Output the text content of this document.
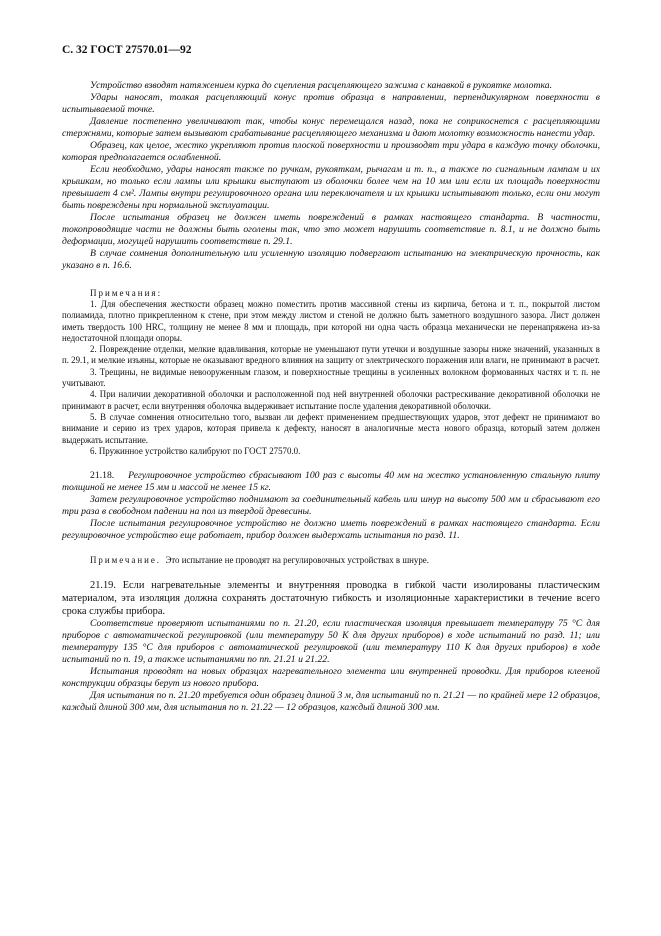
С. 32 ГОСТ 27570.01—92

Устройство взводят натяжением курка до сцепления расцепляющего зажима с канавкой в рукоятке молотка.

Удары наносят, толкая расцепляющий конус против образца в направлении, перпендикулярном поверхности в испытываемой точке.

Давление постепенно увеличивают так, чтобы конус перемещался назад, пока не соприкоснется с расцепляющими стержнями, которые затем вызывают срабатывание расцепляющего механизма и дают молотку возможность нанести удар.

Образец, как целое, жестко укрепляют против плоской поверхности и производят три удара в каждую точку оболочки, которая предполагается ослабленной.

Если необходимо, удары наносят также по ручкам, рукояткам, рычагам и т. п., а также по сигнальным лампам и их крышкам, но только если лампы или крышки выступают из оболочки более чем на 10 мм или если их площадь поверхности превышает 4 см². Лампы внутри регулировочного органа или переключателя и их крышки испытывают только, если они могут быть повреждены при нормальной эксплуатации.

После испытания образец не должен иметь повреждений в рамках настоящего стандарта. В частности, токопроводящие части не должны быть оголены так, что это может нарушить соответствие п. 8.1, и не должно быть деформации, могущей нарушить соответствие п. 29.1.

В случае сомнения дополнительную или усиленную изоляцию подвергают испытанию на электрическую прочность, как указано в п. 16.6.

Примечания:

1. Для обеспечения жесткости образец можно поместить против массивной стены из кирпича, бетона и т. п., покрытой листом полиамида, плотно прикрепленном к стене, при этом между листом и стеной не должно быть заметного воздушного зазора. Лист должен иметь твердость 100 HRC, толщину не менее 8 мм и площадь, при которой ни одна часть образца механически не перенапряжена из-за недостаточной площади опоры.

2. Повреждение отделки, мелкие вдавливания, которые не уменьшают пути утечки и воздушные зазоры ниже значений, указанных в п. 29.1, и мелкие изъяны, которые не оказывают вредного влияния на защиту от электрического поражения или влаги, не принимают в расчет.

3. Трещины, не видимые невооруженным глазом, и поверхностные трещины в усиленных волокном формованных частях и т. п. не учитывают.

4. При наличии декоративной оболочки и расположенной под ней внутренней оболочки растрескивание декоративной оболочки не принимают в расчет, если внутренняя оболочка выдерживает испытание после удаления декоративной оболочки.

5. В случае сомнения относительно того, вызван ли дефект применением предшествующих ударов, этот дефект не принимают во внимание и серию из трех ударов, которая привела к дефекту, наносят в аналогичные места нового образца, который затем должен выдержать испытание.

6. Пружинное устройство калибруют по ГОСТ 27570.0.

21.18. Регулировочное устройство сбрасывают 100 раз с высоты 40 мм на жестко установленную стальную плиту толщиной не менее 15 мм и массой не менее 15 кг.

Затем регулировочное устройство поднимают за соединительный кабель или шнур на высоту 500 мм и сбрасывают его три раза в свободном падении на пол из твердой древесины.

После испытания регулировочное устройство не должно иметь повреждений в рамках настоящего стандарта. Если регулировочное устройство еще работает, прибор должен выдержать испытания по разд. 11.

Примечание. Это испытание не проводят на регулировочных устройствах в шнуре.

21.19. Если нагревательные элементы и внутренняя проводка в гибкой части изолированы пластическим материалом, эта изоляция должна сохранять достаточную гибкость и изоляционные характеристики в течение всего срока службы прибора.

Соответствие проверяют испытаниями по п. 21.20, если пластическая изоляция превышает температуру 75 °С для приборов с автоматической регулировкой (или температуру 50 К для других приборов) в ходе испытаний по разд. 11; или температуру 135 °С для приборов с автоматической регулировкой (или температуру 110 К для других приборов) в ходе испытаний по п. 19, а также испытаниями по пп. 21.21 и 21.22.

Испытания проводят на новых образцах нагревательного элемента или внутренней проводки. Для приборов клееной конструкции образцы берут из нового прибора.

Для испытания по п. 21.20 требуется один образец длиной 3 м, для испытаний по п. 21.21 — по крайней мере 12 образцов, каждый длиной 300 мм, для испытания по п. 21.22 — 12 образцов, каждый длиной 300 мм.
